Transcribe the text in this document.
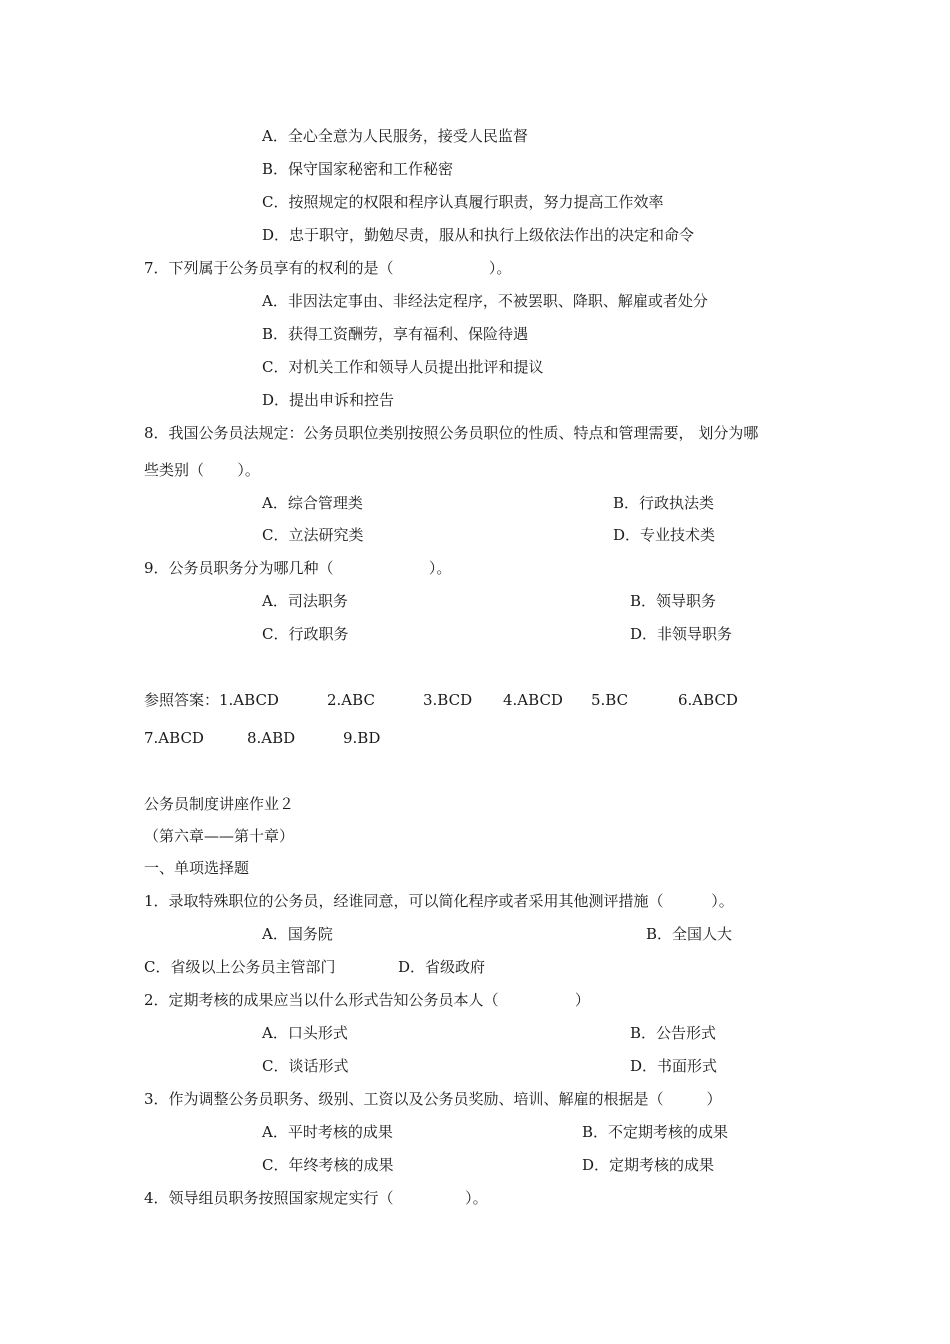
A．全心全意为人民服务，接受人民监督
B．保守国家秘密和工作秘密
C．按照规定的权限和程序认真履行职责，努力提高工作效率
D．忠于职守，勤勉尽责，服从和执行上级依法作出的决定和命令
7．下列属于公务员享有的权利的是（                    ）。
A．非因法定事由、非经法定程序，不被罢职、降职、解雇或者处分
B．获得工资酬劳，享有福利、保险待遇
C．对机关工作和领导人员提出批评和提议
D．提出申诉和控告
8．我国公务员法规定：公务员职位类别按照公务员职位的性质、特点和管理需要， 划分为哪
些类别（       ）。
A．综合管理类	B．行政执法类
C．立法研究类	D．专业技术类
9．公务员职务分为哪几种（                    ）。
A．司法职务	B．领导职务
C．行政职务	D．非领导职务
参照答案：1.ABCD	2.ABC	3.BCD 4.ABCD 5.BC	6.ABCD
7.ABCD	8.ABD	9.BD
公务员制度讲座作业２
（第六章——第十章）
一、单项选择题
1．录取特殊职位的公务员，经谁同意，可以简化程序或者采用其他测评措施（          ）。
A．国务院	B．全国人大
C．省级以上公务员主管部门	D．省级政府
2．定期考核的成果应当以什么形式告知公务员本人（                ）
A．口头形式	B．公告形式
C．谈话形式	D．书面形式
3．作为调整公务员职务、级别、工资以及公务员奖励、培训、解雇的根据是（         ）
A．平时考核的成果	B．不定期考核的成果
C．年终考核的成果	D．定期考核的成果
4．领导组员职务按照国家规定实行（               ）。
